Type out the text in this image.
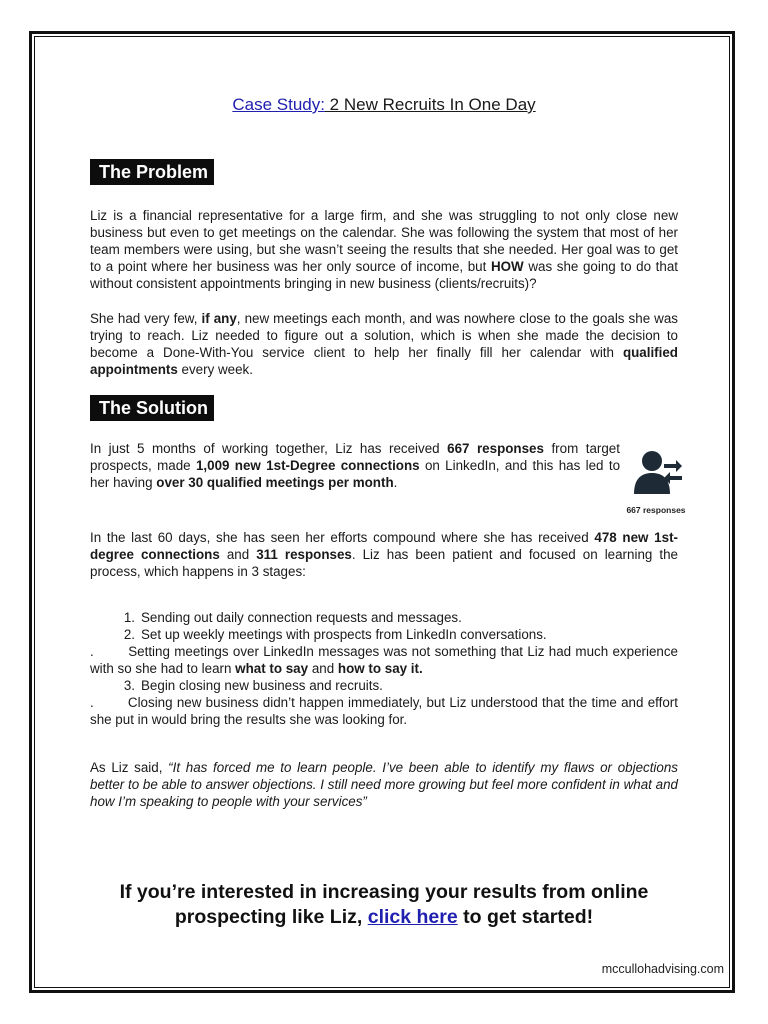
Case Study: 2 New Recruits In One Day
The Problem

Liz is a financial representative for a large firm, and she was struggling to not only close new business but even to get meetings on the calendar. She was following the system that most of her team members were using, but she wasn’t seeing the results that she needed. Her goal was to get to a point where her business was her only source of income, but HOW was she going to do that without consistent appointments bringing in new business (clients/recruits)?

She had very few, if any, new meetings each month, and was nowhere close to the goals she was trying to reach. Liz needed to figure out a solution, which is when she made the decision to become a Done-With-You service client to help her finally fill her calendar with qualified appointments every week.

The Solution

In just 5 months of working together, Liz has received 667 responses from target prospects, made 1,009 new 1st-Degree connections on LinkedIn, and this has led to her having over 30 qualified meetings per month.

667 responses

In the last 60 days, she has seen her efforts compound where she has received 478 new 1st-degree connections and 311 responses. Liz has been patient and focused on learning the process, which happens in 3 stages:

1. Sending out daily connection requests and messages.
2. Set up weekly meetings with prospects from LinkedIn conversations.

.        Setting meetings over LinkedIn messages was not something that Liz had much experience with so she had to learn what to say and how to say it.

3. Begin closing new business and recruits.

.        Closing new business didn’t happen immediately, but Liz understood that the time and effort she put in would bring the results she was looking for.

As Liz said, “It has forced me to learn people. I’ve been able to identify my flaws or objections better to be able to answer objections. I still need more growing but feel more confident in what and how I’m speaking to people with your services”

If you’re interested in increasing your results from online
prospecting like Liz, click here to get started!
mccullohadvising.com
